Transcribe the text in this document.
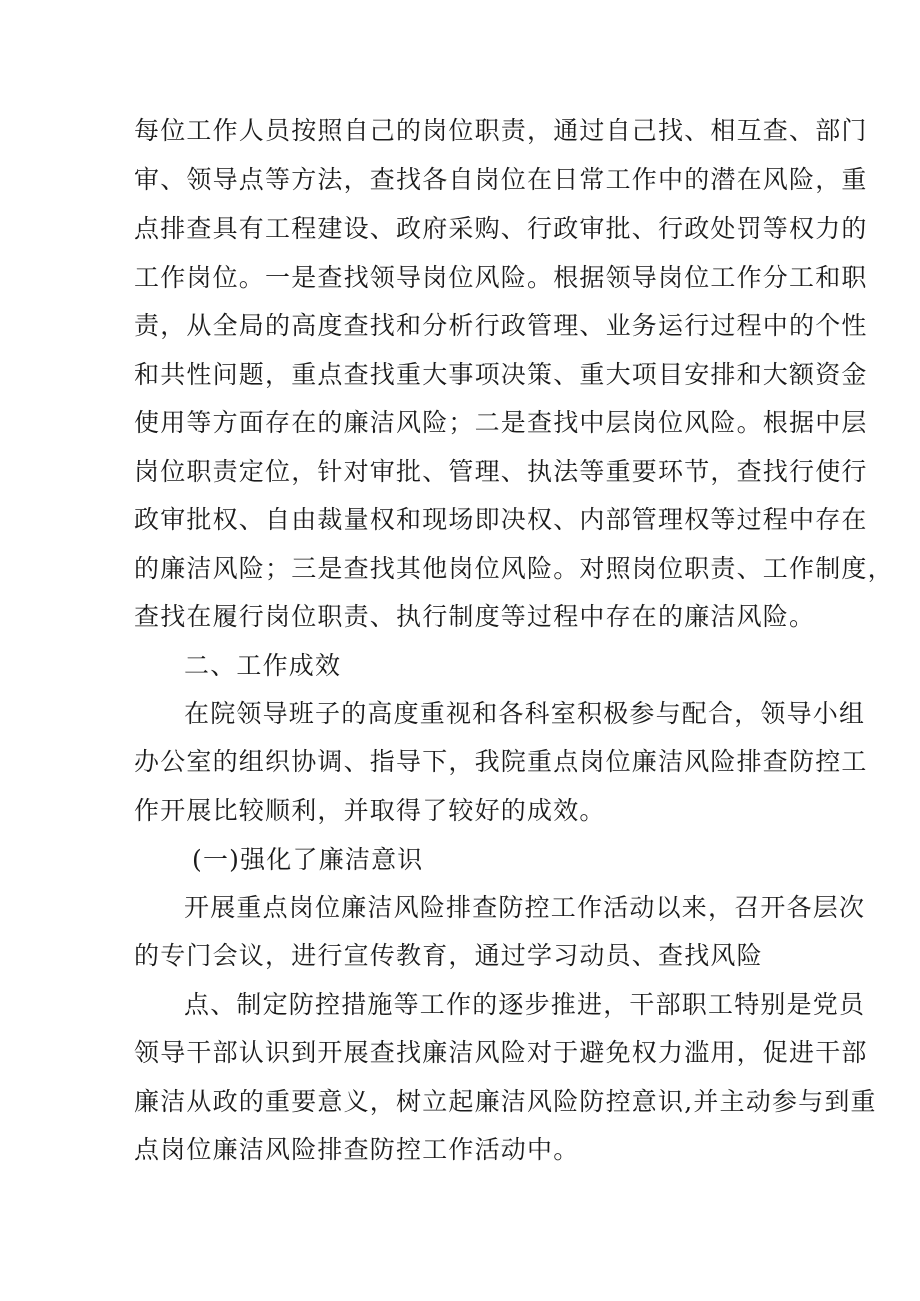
每位工作人员按照自己的岗位职责，通过自己找、相互查、部门
审、领导点等方法，查找各自岗位在日常工作中的潜在风险，重
点排查具有工程建设、政府采购、行政审批、行政处罚等权力的
工作岗位。一是查找领导岗位风险。根据领导岗位工作分工和职
责，从全局的高度查找和分析行政管理、业务运行过程中的个性
和共性问题，重点查找重大事项决策、重大项目安排和大额资金
使用等方面存在的廉洁风险；二是查找中层岗位风险。根据中层
岗位职责定位，针对审批、管理、执法等重要环节，查找行使行
政审批权、自由裁量权和现场即决权、内部管理权等过程中存在
的廉洁风险；三是查找其他岗位风险。对照岗位职责、工作制度，
查找在履行岗位职责、执行制度等过程中存在的廉洁风险。
二、工作成效
在院领导班子的高度重视和各科室积极参与配合，领导小组
办公室的组织协调、指导下，我院重点岗位廉洁风险排查防控工
作开展比较顺利，并取得了较好的成效。
(一)强化了廉洁意识
开展重点岗位廉洁风险排查防控工作活动以来，召开各层次
的专门会议，进行宣传教育，通过学习动员、查找风险
点、制定防控措施等工作的逐步推进，干部职工特别是党员
领导干部认识到开展查找廉洁风险对于避免权力滥用，促进干部
廉洁从政的重要意义，树立起廉洁风险防控意识,并主动参与到重
点岗位廉洁风险排查防控工作活动中。
